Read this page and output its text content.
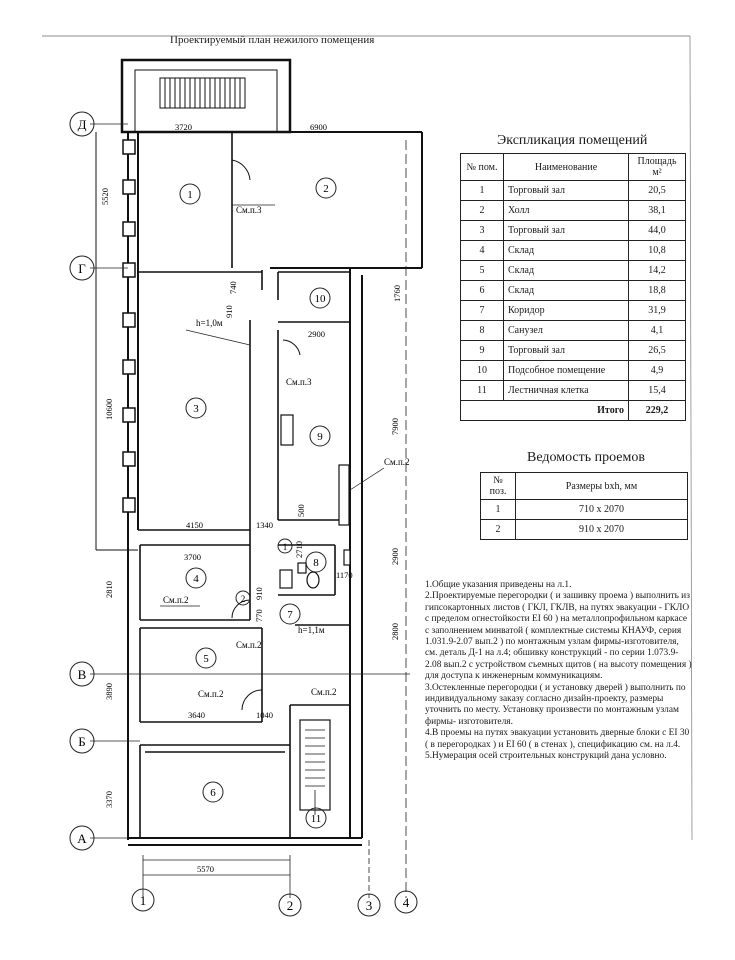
Проектируемый план нежилого помещения
Д
Г
В
Б
А
1	2	3 4
1	2
3
4
5
6
7
8
9
10
11
1
2
3720	6900
5520
740
910
1760
2900
10600
7900
500
4150	1340
2710
3700
1170
2900
2810
770
910
2800
3890
3640	1040
3370
5570
См.п.3
См.п.3
См.п.2
См.п.2
См.п.2
См.п.2
См.п.2
h=1,0м
h=1,1м
Экспликация помещений
№ пом.	Наименование	Площадь м²
1	Торговый зал	20,5
2	Холл	38,1
3	Торговый зал	44,0
4	Склад	10,8
5	Склад	14,2
6	Склад	18,8
7	Коридор	31,9
8	Санузел	4,1
9	Торговый зал	26,5
10	Подсобное помещение	4,9
11	Лестничная клетка	15,4
Итого		229,2
Ведомость проемов
№ поз.	Размеры bxh, мм
1	710 х 2070
2	910 х 2070

1.Общие указания приведены на л.1.

2.Проектируемые перегородки ( и зашивку проема ) выполнить из гипсокартонных листов ( ГКЛ, ГКЛВ, на путях эвакуации - ГКЛО с пределом огнестойкости EI 60 ) на металлопрофильном каркасе с заполнением минватой ( комплектные системы КНАУФ, серия 1.031.9-2.07 вып.2 ) по монтажным узлам фирмы-изготовителя, см. деталь Д-1 на л.4; обшивку конструкций - по серии 1.073.9-2.08 вып.2 с устройством съемных щитов ( на высоту помещения ) для доступа к инженерным коммуникациям.

3.Остекленные перегородки ( и установку дверей ) выполнить по индивидуальному заказу согласно дизайн-проекту, размеры уточнить по месту. Установку произвести по монтажным узлам фирмы- изготовителя.

4.В проемы на путях эвакуации установить дверные блоки с EI 30 ( в перегородках ) и EI 60 ( в стенах ), спецификацию см. на л.4.

5.Нумерация осей строительных конструкций дана условно.
